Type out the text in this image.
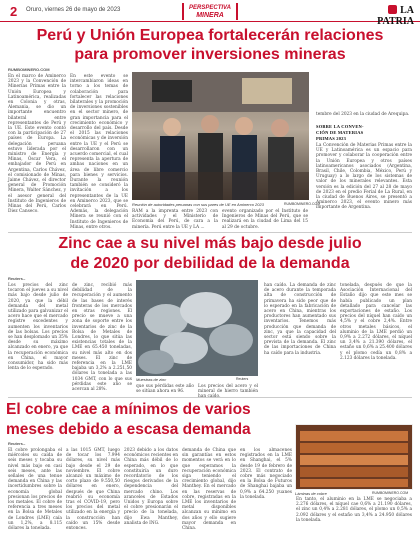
2 Oruro, viernes 26 de mayo de 2023	PERSPECTIVA
MINERA	LA PATRIA
Perú y Unión Europea fortalecerán relaciones
para promover inversiones mineras
RUMBOMINERO.COM

En el marco de Aminerco 2023 y la Convención de Minerías Primas entre la Unión Europea y Latinoamérica, realizadas en Colonia y otras, Alemania, se dio un importante encuentro bilateral entre representantes de Perú y la UE. Este evento contó con la participación de 27 países de Europa. La delegación peruana estuvo liderada por el ministro de Energía y Minas, Óscar Vera, el embajador de Perú en Argentina, Carlos Chávez, el comisionado de Minas, Jaime Chávez, el director general de Promoción Minera, Walter Sánchez, y el asesor general del Instituto de Ingenieros de Minas del Perú, Carlos Diez Canseco.

En este evento se intercambiaron ideas en torno a los temas de colaboración para fortalecer las relaciones bilaterales y la promoción de inversiones sostenibles en el sector minero, de gran importancia para el crecimiento económico y desarrollo del país. Desde el 2015 las relaciones económicas y de inversión entre la UE y el Perú se desarrollaron con un acuerdo comercial, el cual representa la apertura de ambas naciones en un área de libre comercio para bienes y servicios. Durante la reunión también se consideró la invitación a los representantes de la UE en Aminerco 2023, que se celebrará en Perú. Además, la delegación Minera se reunió con el Instituto de Ingenieros de Minas, entre otros.

Reunión de autoridades peruanas con sus pares de UE en Aminerco 2023	RUMBOMINERO.COM

RAM a la imprenta entre 2023 con actividades y el Ministerio de Economía del Perú, de cara a la minería. Perú entre la UE y LA ...

evento organizado por el Instituto de Ingenieros de Minas del Perú, que se realizará en la ciudad de Lima del 15 al 29 de octubre.

tembre del 2023 en la ciudad de Arequipa.

SOBRE LA CONVEN-
CIÓN DE MATERIAS
PRIMAS 2023

La Convención de Materias Primas entre la UE y Latinoamérica es un espacio para promover y colaborar la cooperación entre la Unión Europea y otros países latinoamericanos asociados (Argentina, Brasil, Chile, Colombia, México, Perú y Uruguay) a lo largo de los sistemas de valor de los minerales relevantes. Esta versión es la edición del 27 al 28 de mayo de 2023 en el predio Ferial de La Rural, en la ciudad de Buenos Aires, se presentó a Aminerco 2023, el evento minero más importante de Argentina.

Zinc cae a su nivel más bajo desde julio
de 2020 por debilidad de la demanda
Reuters.-

Los precios del zinc tocaron el jueves a su nivel más bajo desde julio de 2020, ya que la débil demanda del metal utilizado para galvanizar el acero hace que el mercado registre excedentes y aumenten los inventarios de las bolsas. Los precios se han desplomado un 35% desde su máximo alcanzado en enero, ya que la recuperación económica en China, el mayor consumidor, ha sido más lenta de lo esperado.

de zinc, recibió más debilidad de la recuperación y el aumento de las bases de interés fronteras de los mercados en otras regiones. El precio se mueve a una zona de soporte entre los inventarios de zinc de la Bolsa de Metales de Londres, lo que sitúa las existencias totales de la LME en 65.450 toneladas, su nivel más alto en dos meses. El zinc de referencia en la LME bajaba un 3,2% a 2.251,50 dólares la tonelada a las 1034 GMT, con lo que sus pérdidas este año se acercan al 28%.

Muestras de zinc	Reuters

que sus pérdidas este año se sitúan ahora en 96.

Los precios del acero y el mineral de hierro también

han caído. La demanda de zinc de acero durante la temporada alta de construcción de primavera ha sido peor que de lo esperado en la fabricación de acero en China, mientras los productores han aumentado sus inventarios. Tenemos más producción que demanda de zinc, ya que la capacidad del sector está siendo sobre la prevista de la demanda. El zinc de las importaciones de China ha caído para la industria.

tonelada, después de que la Asociación Internacional del Estaño dijo que este mes se había publicado un plan detallado para cancelar las exportaciones de estaño. Los precios del níquel han caído un 4,5% y el cobre 2,4%. Entre otros metales básicos, el aluminio de la LME perdió un 0,9% a 2.272 dólares, el níquel un 3,4% a 21.390 dólares, el estaño un 0,6% a 25.400 dólares y el plomo cedía un 0,8% a 2.123 dólares la tonelada.

El cobre cae a mínimos de varios
meses debido a escasa demanda
Reuters.-

El cobre prolongaba el miércoles su caída de seis meses y tocaba su nivel más bajo en casi seis meses, ante las señales de una tenue demanda en China y las incertidumbres sobre la economía global presionan los precios de los metales. El cobre de referencia a tres meses en la Bolsa de Metales de Londres (LME) caía un 1,2%, a 8.115 dólares la tonelada.

a las 1015 GMT, luego de tocar los 7.994 dólares, su nivel más bajo desde el 29 de noviembre. El cobre alcanzó un máximo de corto plazo de 9.550,50 dólares en enero, después de que China reabrió su economía tras el COVID-19, pero los precios del metal utilizado en la energía y la construcción han caído un 15% desde entonces.

2023 debido a los datos económicos recientes en China más débil de lo esperado, en lo que constituiría un duro recordatorio de los riesgos derivados de la dependencia del mercado chino. Los aranceles de Estados Unidos y Europa sobre el cobre presionarán el precio de la tonelada, dijo Ewa Manthey, analista de ING.

demanda de China que sin garantías en estos momentos se verá en lo que esperamos la recuperación económica siga teniendo el crecimiento global, dijo Manthey. En el mercado en las reservas de cobre, registradas en la LME los inventarios de metal disponibles alcanzan su mínimo en dos años y ello sugiere mayor demanda en China.

en los almacenes registrados en la LME en Shanghai, el 5% desde 19 de febrero de 2023. El contrato de cobre más negociado en la Bolsa de Futuros de Shanghai bajaba un 0,9% a 64.250 yuanes la tonelada.

Láminas de cobre	RUMBOMINERO.COM

En tanto, el aluminio en la LME se negociaba a 2.276 dólares, el níquel cae 0,6% a 21.190 dólares, el zinc un 0,4% a 2.281 dólares, el plomo un 0,5% a 2.092 dólares y el estaño un 3,4% a 24.950 dólares la tonelada.
